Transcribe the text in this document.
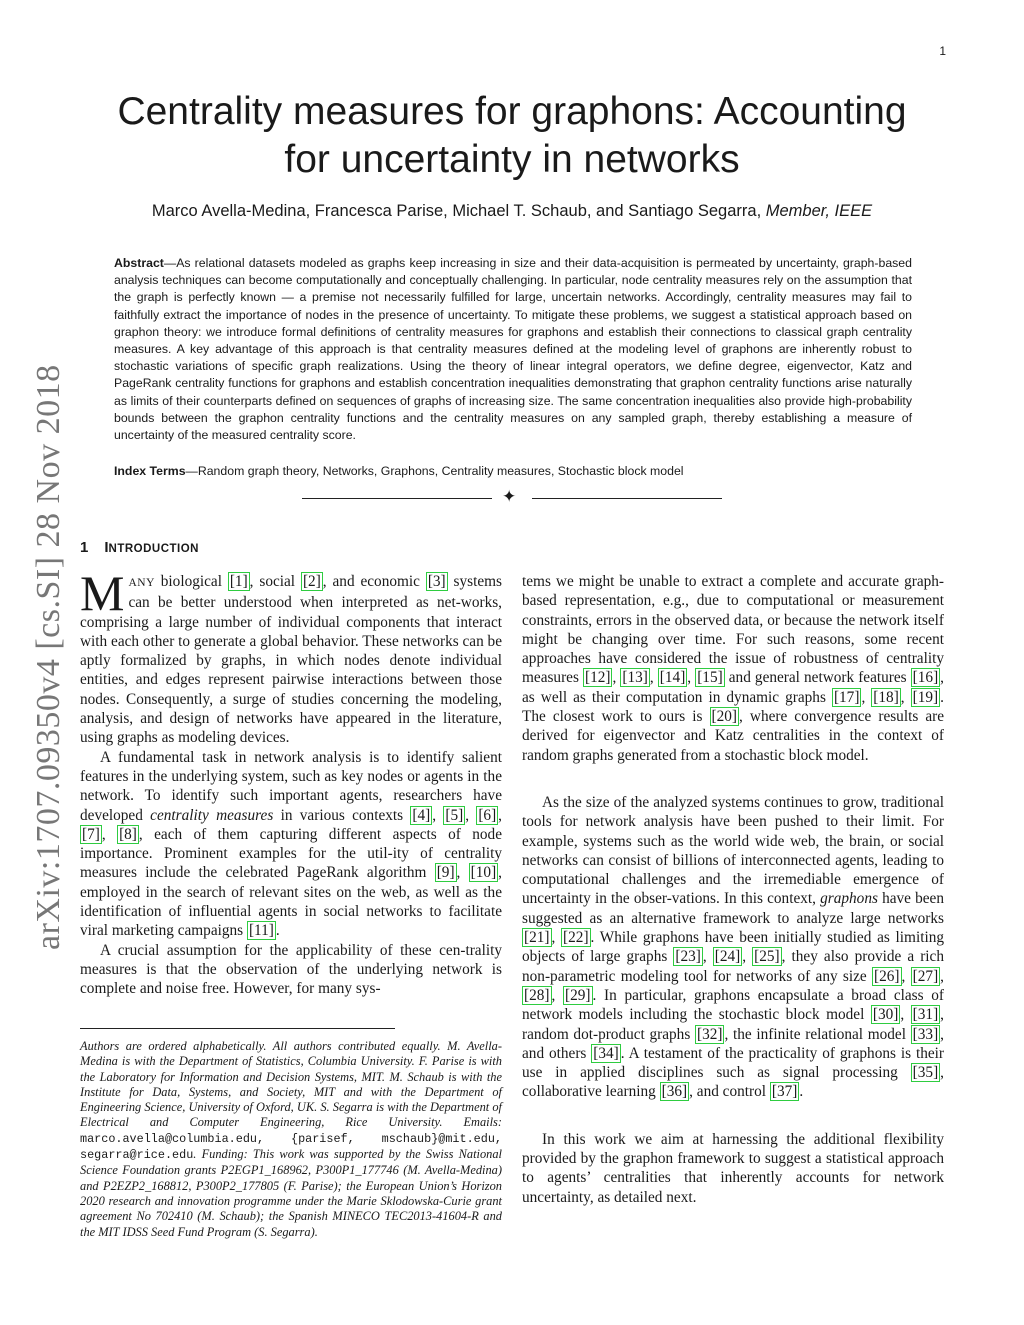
1
arXiv:1707.09350v4 [cs.SI] 28 Nov 2018
Centrality measures for graphons: Accounting
for uncertainty in networks
Marco Avella-Medina, Francesca Parise, Michael T. Schaub, and Santiago Segarra, Member, IEEE
Abstract—As relational datasets modeled as graphs keep increasing in size and their data-acquisition is permeated by uncertainty, graph-based analysis techniques can become computationally and conceptually challenging. In particular, node centrality measures rely on the assumption that the graph is perfectly known — a premise not necessarily fulfilled for large, uncertain networks. Accordingly, centrality measures may fail to faithfully extract the importance of nodes in the presence of uncertainty. To mitigate these problems, we suggest a statistical approach based on graphon theory: we introduce formal definitions of centrality measures for graphons and establish their connections to classical graph centrality measures. A key advantage of this approach is that centrality measures defined at the modeling level of graphons are inherently robust to stochastic variations of specific graph realizations. Using the theory of linear integral operators, we define degree, eigenvector, Katz and PageRank centrality functions for graphons and establish concentration inequalities demonstrating that graphon centrality functions arise naturally as limits of their counterparts defined on sequences of graphs of increasing size. The same concentration inequalities also provide high-probability bounds between the graphon centrality functions and the centrality measures on any sampled graph, thereby establishing a measure of uncertainty of the measured centrality score.
Index Terms—Random graph theory, Networks, Graphons, Centrality measures, Stochastic block model
✦
1 INTRODUCTION

MANY biological [1] , social [2] , and economic [3] systems can be better understood when interpreted as net-works, comprising a large number of individual components that interact with each other to generate a global behavior. These networks can be aptly formalized by graphs, in which nodes denote individual entities, and edges represent pairwise interactions between those nodes. Consequently, a surge of studies concerning the modeling, analysis, and design of networks have appeared in the literature, using graphs as modeling devices.

A fundamental task in network analysis is to identify salient features in the underlying system, such as key nodes or agents in the network. To identify such important agents, researchers have developed centrality measures in various contexts [4] , [5] , [6] , [7] , [8] , each of them capturing different aspects of node importance. Prominent examples for the util-ity of centrality measures include the celebrated PageRank algorithm [9] , [10] , employed in the search of relevant sites on the web, as well as the identification of influential agents in social networks to facilitate viral marketing campaigns [11] .

A crucial assumption for the applicability of these cen-trality measures is that the observation of the underlying network is complete and noise free. However, for many sys-

Authors are ordered alphabetically. All authors contributed equally. M. Avella-Medina is with the Department of Statistics, Columbia University. F. Parise is with the Laboratory for Information and Decision Systems, MIT. M. Schaub is with the Institute for Data, Systems, and Society, MIT and with the Department of Engineering Science, University of Oxford, UK. S. Segarra is with the Department of Electrical and Computer Engineering, Rice University. Emails: marco.avella@columbia.edu, {parisef, mschaub}@mit.edu, segarra@rice.edu. Funding: This work was supported by the Swiss National Science Foundation grants P2EGP1_168962, P300P1_177746 (M. Avella-Medina) and P2EZP2_168812, P300P2_177805 (F. Parise); the European Union’s Horizon 2020 research and innovation programme under the Marie Sklodowska-Curie grant agreement No 702410 (M. Schaub); the Spanish MINECO TEC2013-41604-R and the MIT IDSS Seed Fund Program (S. Segarra).

tems we might be unable to extract a complete and accurate graph-based representation, e.g., due to computational or measurement constraints, errors in the observed data, or because the network itself might be changing over time. For such reasons, some recent approaches have considered the issue of robustness of centrality measures [12] , [13] , [14] , [15] and general network features [16] , as well as their computation in dynamic graphs [17] , [18] , [19] . The closest work to ours is [20] , where convergence results are derived for eigenvector and Katz centralities in the context of random graphs generated from a stochastic block model.

As the size of the analyzed systems continues to grow, traditional tools for network analysis have been pushed to their limit. For example, systems such as the world wide web, the brain, or social networks can consist of billions of interconnected agents, leading to computational challenges and the irremediable emergence of uncertainty in the obser-vations. In this context, graphons have been suggested as an alternative framework to analyze large networks [21] , [22] . While graphons have been initially studied as limiting objects of large graphs [23] , [24] , [25] , they also provide a rich non-parametric modeling tool for networks of any size [26] , [27] , [28] , [29] . In particular, graphons encapsulate a broad class of network models including the stochastic block model [30] , [31] , random dot-product graphs [32] , the infinite relational model [33] , and others [34] . A testament of the practicality of graphons is their use in applied disciplines such as signal processing [35] , collaborative learning [36] , and control [37] .

In this work we aim at harnessing the additional flexibility provided by the graphon framework to suggest a statistical approach to agents’ centralities that inherently accounts for network uncertainty, as detailed next.
